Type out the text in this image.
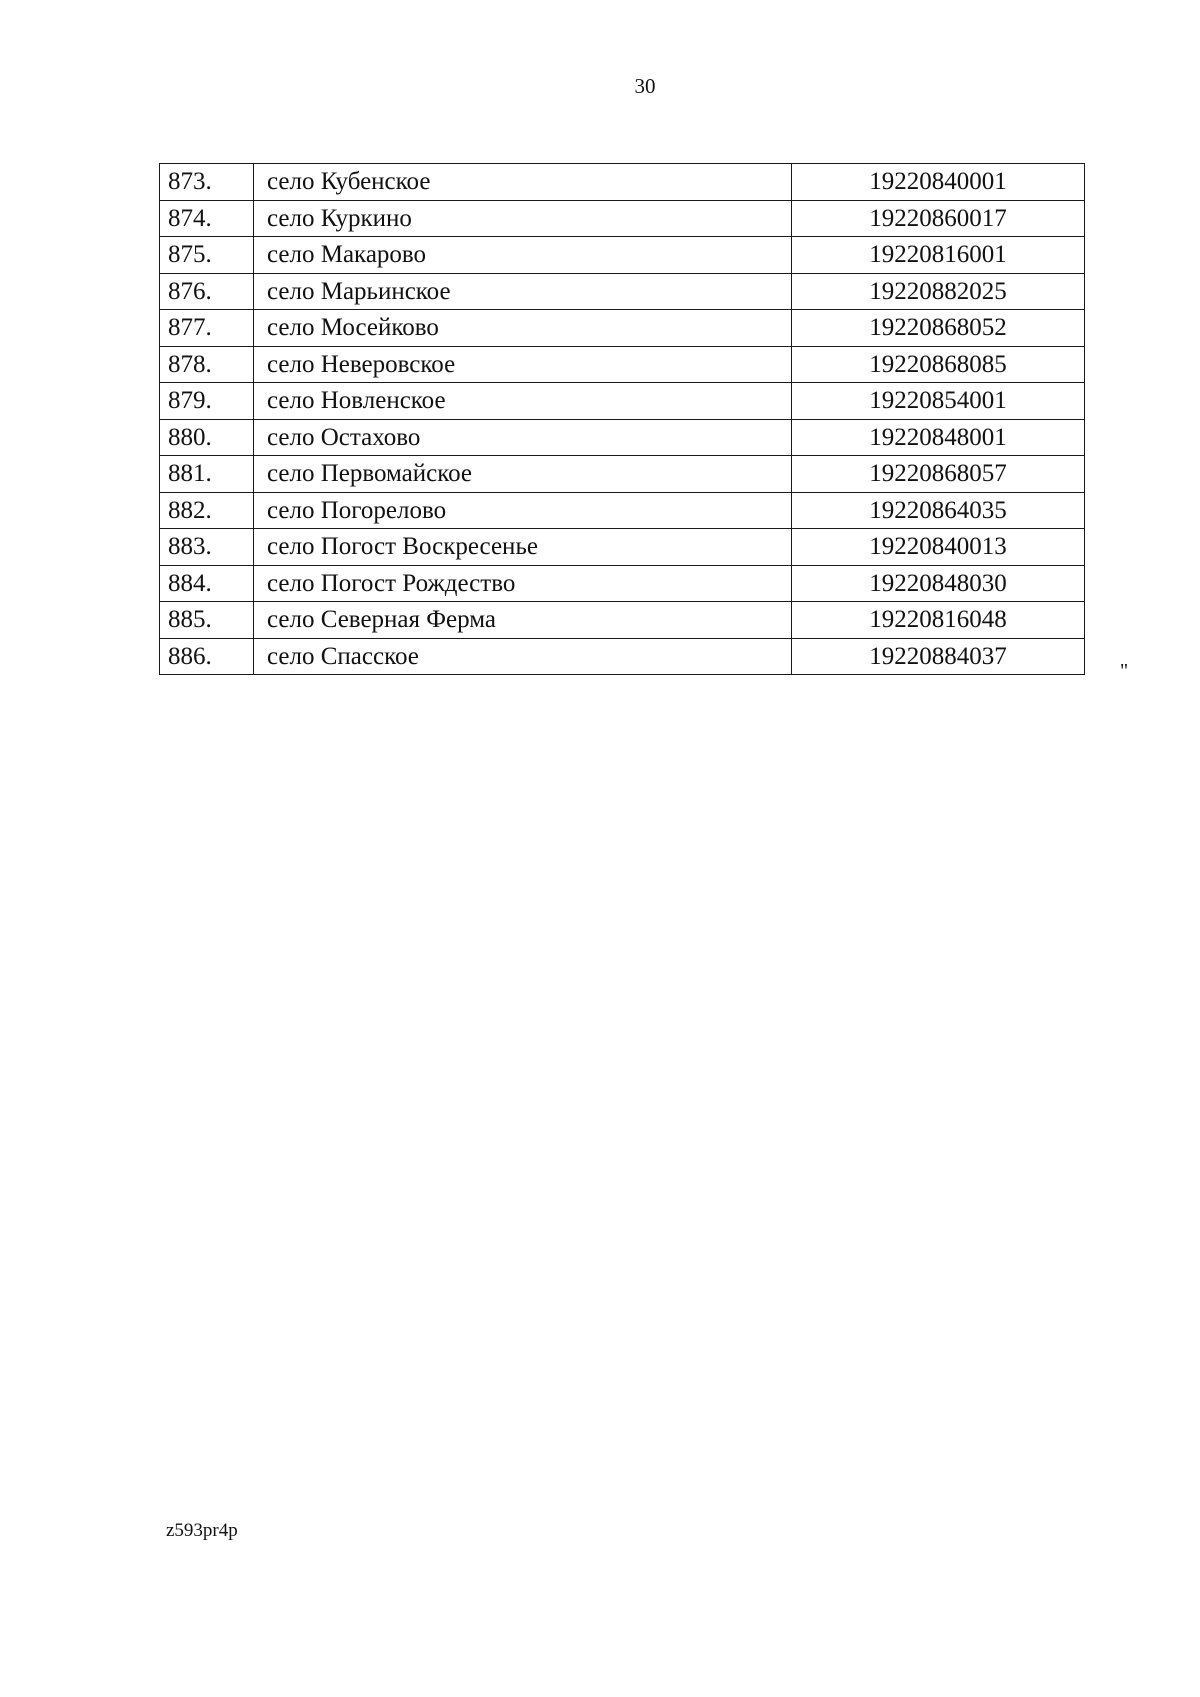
30
873.	село Кубенское	19220840001
874.	село Куркино	19220860017
875.	село Макарово	19220816001
876.	село Марьинское	19220882025
877.	село Мосейково	19220868052
878.	село Неверовское	19220868085
879.	село Новленское	19220854001
880.	село Остахово	19220848001
881.	село Первомайское	19220868057
882.	село Погорелово	19220864035
883.	село Погост Воскресенье	19220840013
884.	село Погост Рождество	19220848030
885.	село Северная Ферма	19220816048
886.	село Спасское	19220884037
"
z593pr4p
